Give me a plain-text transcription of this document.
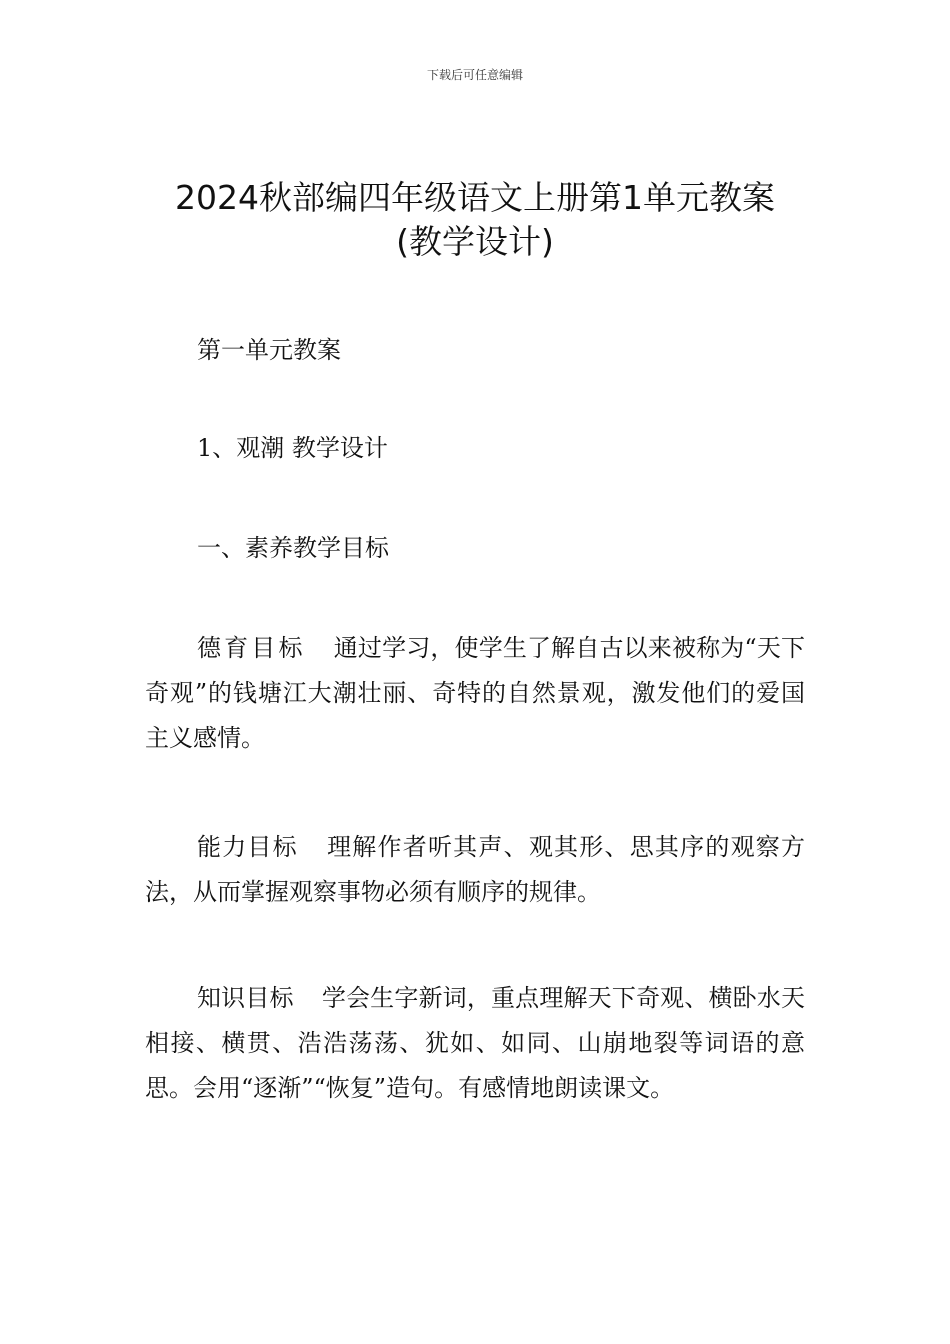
下载后可任意编辑
2024秋部编四年级语文上册第1单元教案
(教学设计)
第一单元教案
1、观潮 教学设计
一、素养教学目标
德育目标 通过学习，使学生了解自古以来被称为“天下奇观”的钱塘江大潮壮丽、奇特的自然景观，激发他们的爱国主义感情。
能力目标 理解作者听其声、观其形、思其序的观察方法，从而掌握观察事物必须有顺序的规律。
知识目标 学会生字新词，重点理解天下奇观、横卧水天相接、横贯、浩浩荡荡、犹如、如同、山崩地裂等词语的意思。会用“逐渐”“恢复”造句。有感情地朗读课文。
